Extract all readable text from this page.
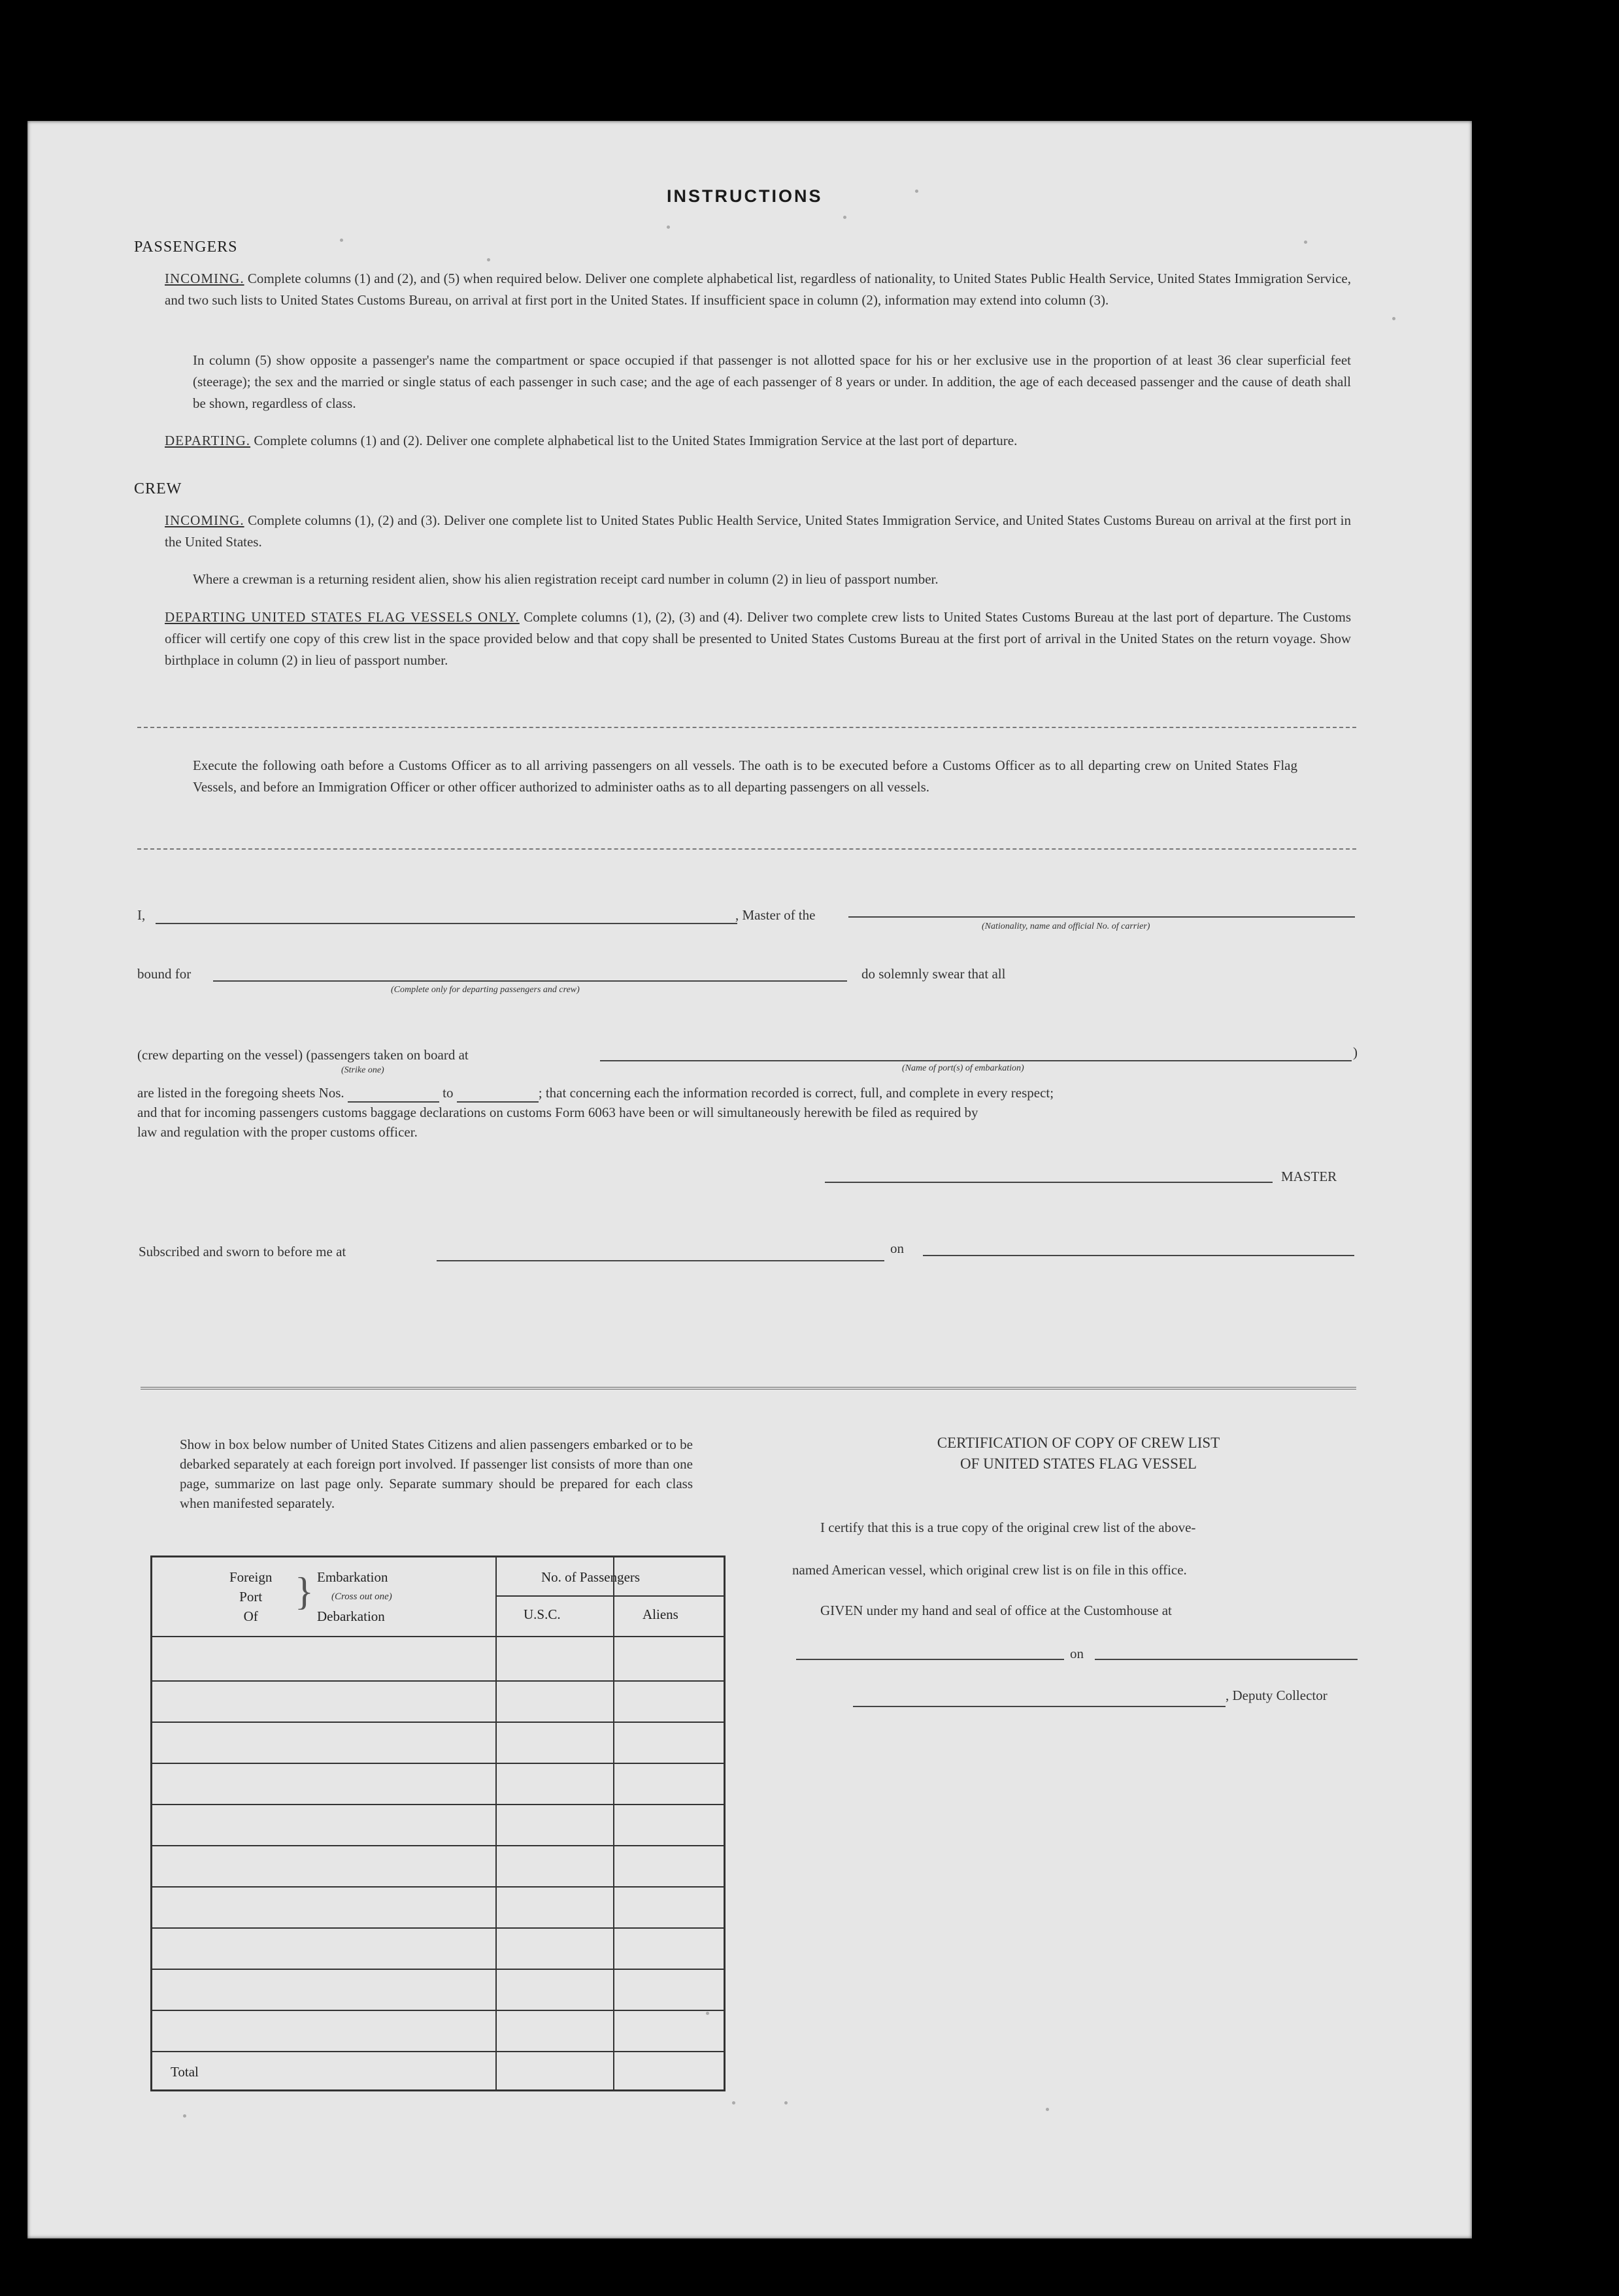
INSTRUCTIONS
PASSENGERS
INCOMING. Complete columns (1) and (2), and (5) when required below. Deliver one complete alphabetical list, regardless of nationality, to United States Public Health Service, United States Immigration Service, and two such lists to United States Customs Bureau, on arrival at first port in the United States. If insufficient space in column (2), information may extend into column (3).
In column (5) show opposite a passenger's name the compartment or space occupied if that passenger is not allotted space for his or her exclusive use in the proportion of at least 36 clear superficial feet (steerage); the sex and the married or single status of each passenger in such case; and the age of each passenger of 8 years or under. In addition, the age of each deceased passenger and the cause of death shall be shown, regardless of class.
DEPARTING. Complete columns (1) and (2). Deliver one complete alphabetical list to the United States Immigration Service at the last port of departure.
CREW
INCOMING. Complete columns (1), (2) and (3). Deliver one complete list to United States Public Health Service, United States Immigration Service, and United States Customs Bureau on arrival at the first port in the United States.
Where a crewman is a returning resident alien, show his alien registration receipt card number in column (2) in lieu of passport number.
DEPARTING UNITED STATES FLAG VESSELS ONLY. Complete columns (1), (2), (3) and (4). Deliver two complete crew lists to United States Customs Bureau at the last port of departure. The Customs officer will certify one copy of this crew list in the space provided below and that copy shall be presented to United States Customs Bureau at the first port of arrival in the United States on the return voyage. Show birthplace in column (2) in lieu of passport number.
Execute the following oath before a Customs Officer as to all arriving passengers on all vessels. The oath is to be executed before a Customs Officer as to all departing crew on United States Flag Vessels, and before an Immigration Officer or other officer authorized to administer oaths as to all departing passengers on all vessels.
I,	, Master of the
(Nationality, name and official No. of carrier)
bound for
(Complete only for departing passengers and crew)
do solemnly swear that all
(crew departing on the vessel) (passengers taken on board at
(Strike one)
)
(Name of port(s) of embarkation)
are listed in the foregoing sheets Nos.	to	; that concerning each the information recorded is correct, full, and complete in every respect;
and that for incoming passengers customs baggage declarations on customs Form 6063 have been or will simultaneously herewith be filed as required by
law and regulation with the proper customs officer.
MASTER
Subscribed and sworn to before me at	on
Show in box below number of United States Citizens and alien passengers embarked or to be debarked separately at each foreign port involved. If passenger list consists of more than one page, summarize on last page only. Separate summary should be prepared for each class when manifested separately.
Foreign
Port
Of
} Embarkation
(Cross out one)
Debarkation
No. of Passengers
U.S.C.	Aliens
Total
CERTIFICATION OF COPY OF CREW LIST
OF UNITED STATES FLAG VESSEL
I certify that this is a true copy of the original crew list of the above-
named American vessel, which original crew list is on file in this office.
GIVEN under my hand and seal of office at the Customhouse at
on
, Deputy Collector
